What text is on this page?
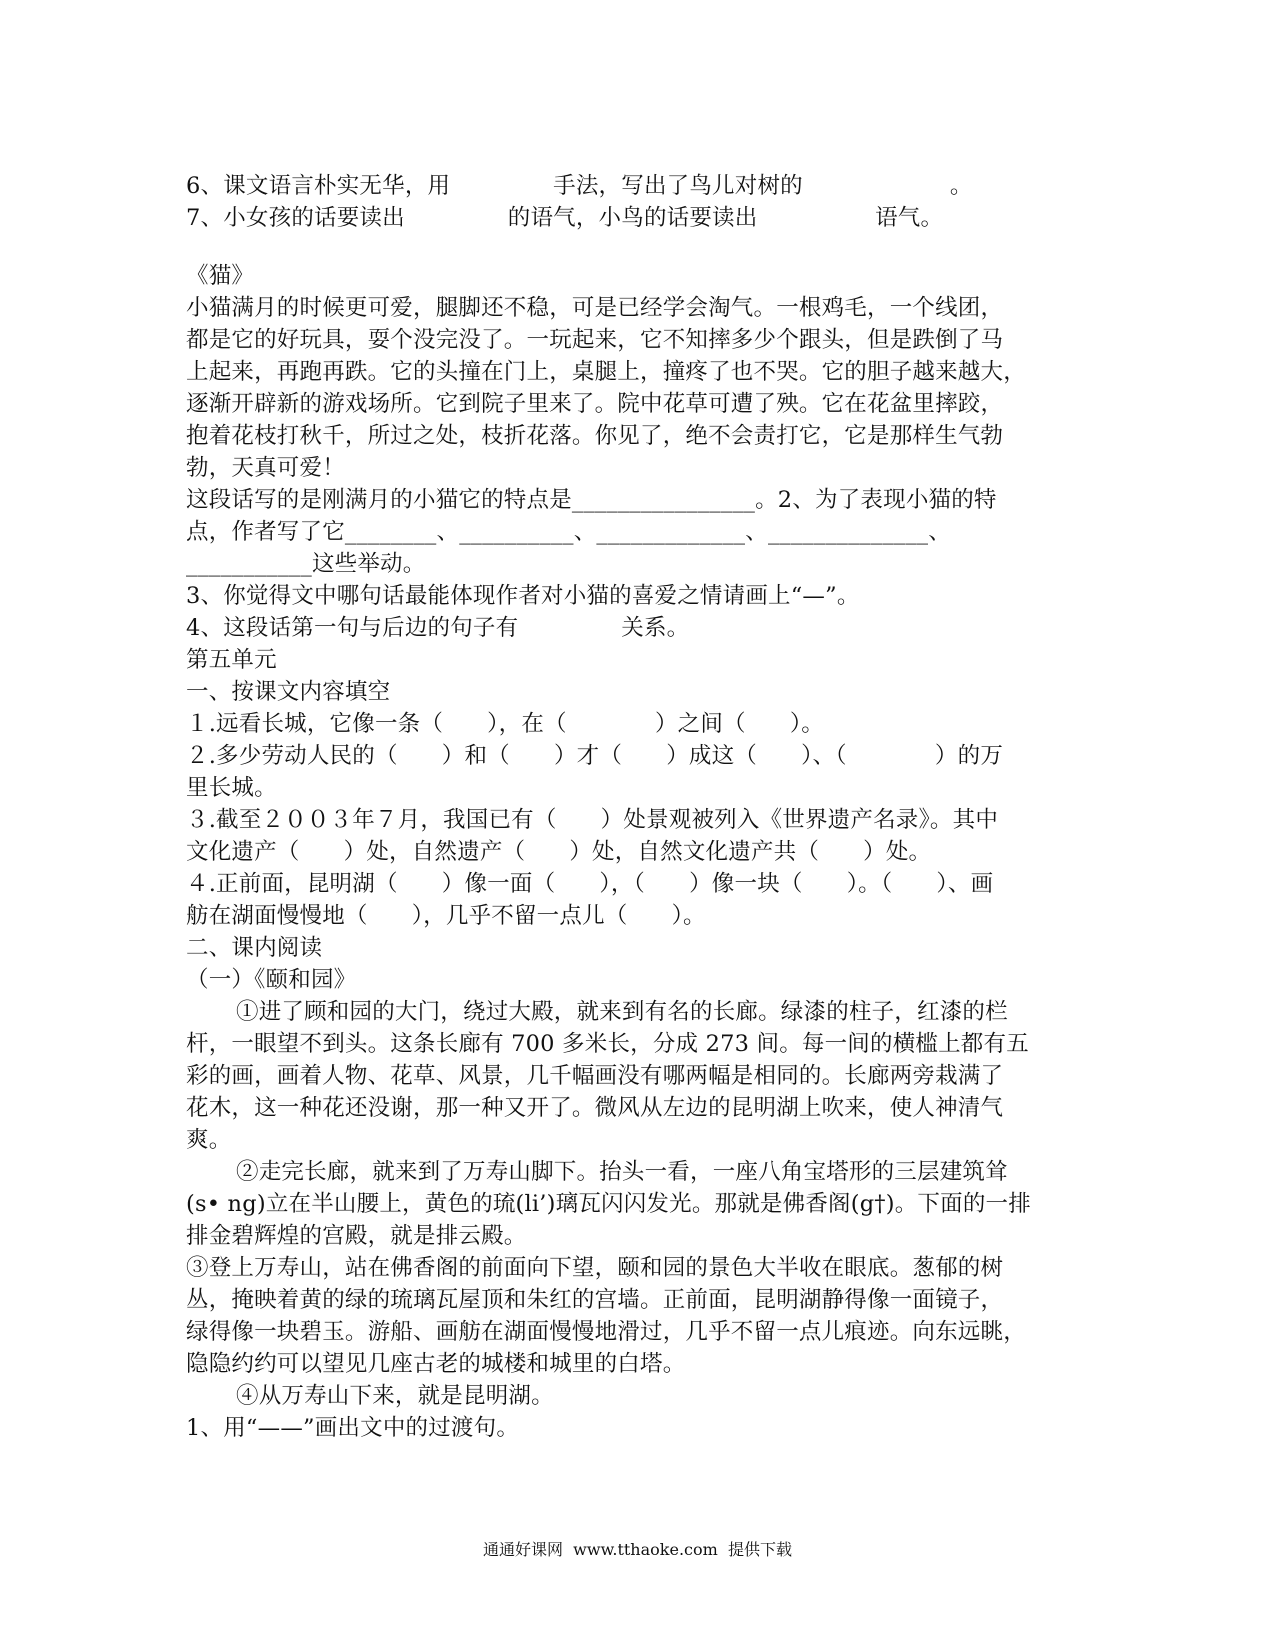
6、课文语言朴实无华，用              手法，写出了鸟儿对树的                    。
7、小女孩的话要读出              的语气，小鸟的话要读出                语气。
《猫》
小猫满月的时候更可爱，腿脚还不稳，可是已经学会淘气。一根鸡毛，一个线团，
都是它的好玩具，耍个没完没了。一玩起来，它不知摔多少个跟头，但是跌倒了马
上起来，再跑再跌。它的头撞在门上，桌腿上，撞疼了也不哭。它的胆子越来越大，
逐渐开辟新的游戏场所。它到院子里来了。院中花草可遭了殃。它在花盆里摔跤，
抱着花枝打秋千，所过之处，枝折花落。你见了，绝不会责打它，它是那样生气勃
勃，天真可爱！
这段话写的是刚满月的小猫它的特点是________________。2、为了表现小猫的特
点，作者写了它________、__________、_____________、______________、
___________这些举动。
3、你觉得文中哪句话最能体现作者对小猫的喜爱之情请画上“—”。
4、这段话第一句与后边的句子有              关系。
第五单元
一、按课文内容填空
１.远看长城，它像一条（      ），在（            ）之间（      ）。
２.多少劳动人民的（      ）和（      ）才（      ）成这（      ）、（            ）的万
里长城。
３.截至２００３年７月，我国已有（      ）处景观被列入《世界遗产名录》。其中
文化遗产（      ）处，自然遗产（      ）处，自然文化遗产共（      ）处。
４.正前面，昆明湖（      ）像一面（      ），（      ）像一块（      ）。（      ）、画
舫在湖面慢慢地（      ），几乎不留一点儿（      ）。
二、课内阅读
（一）《颐和园》
①进了顾和园的大门，绕过大殿，就来到有名的长廊。绿漆的柱子，红漆的栏
杆，一眼望不到头。这条长廊有 700 多米长，分成 273 间。每一间的横槛上都有五
彩的画，画着人物、花草、风景，几千幅画没有哪两幅是相同的。长廊两旁栽满了
花木，这一种花还没谢，那一种又开了。微风从左边的昆明湖上吹来，使人神清气
爽。
②走完长廊，就来到了万寿山脚下。抬头一看，一座八角宝塔形的三层建筑耸
(s• ng)立在半山腰上，黄色的琉(li’)璃瓦闪闪发光。那就是佛香阁(g†)。下面的一排
排金碧辉煌的宫殿，就是排云殿。
③登上万寿山，站在佛香阁的前面向下望，颐和园的景色大半收在眼底。葱郁的树
丛，掩映着黄的绿的琉璃瓦屋顶和朱红的宫墙。正前面，昆明湖静得像一面镜子，
绿得像一块碧玉。游船、画舫在湖面慢慢地滑过，几乎不留一点儿痕迹。向东远眺，
隐隐约约可以望见几座古老的城楼和城里的白塔。
④从万寿山下来，就是昆明湖。
1、用“——”画出文中的过渡句。
通通好课网  www.tthaoke.com  提供下载
